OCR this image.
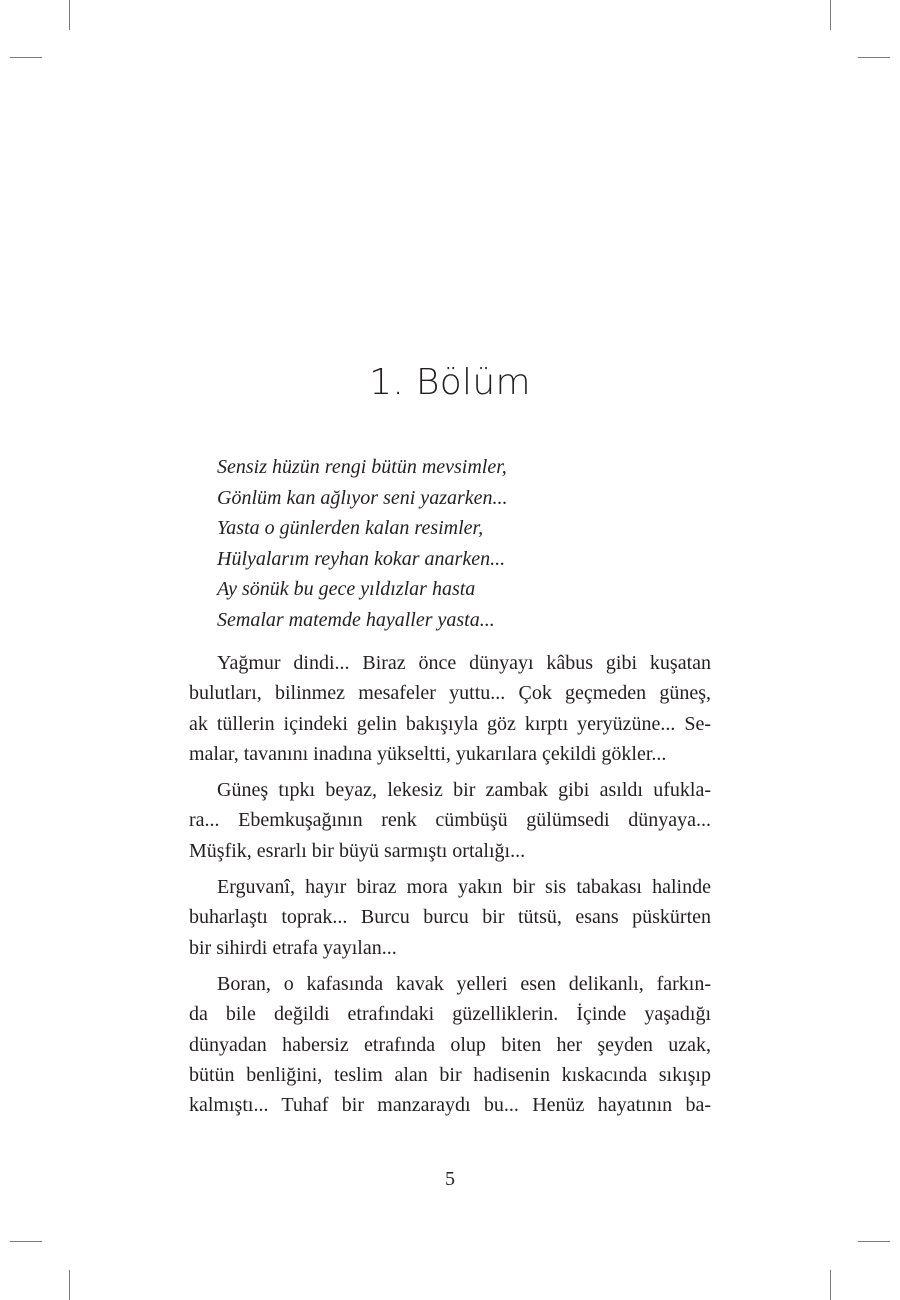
1. Bölüm
Sensiz hüzün rengi bütün mevsimler,
Gönlüm kan ağlıyor seni yazarken...
Yasta o günlerden kalan resimler,
Hülyalarım reyhan kokar anarken...
Ay sönük bu gece yıldızlar hasta
Semalar matemde hayaller yasta...

Yağmur dindi... Biraz önce dünyayı kâbus gibi kuşatan
bulutları, bilinmez mesafeler yuttu... Çok geçmeden güneş,
ak tüllerin içindeki gelin bakışıyla göz kırptı yeryüzüne... Se-
malar, tavanını inadına yükseltti, yukarılara çekildi gökler...

Güneş tıpkı beyaz, lekesiz bir zambak gibi asıldı ufukla-
ra... Ebemkuşağının renk cümbüşü gülümsedi dünyaya...
Müşfik, esrarlı bir büyü sarmıştı ortalığı...

Erguvanî, hayır biraz mora yakın bir sis tabakası halinde
buharlaştı toprak... Burcu burcu bir tütsü, esans püskürten
bir sihirdi etrafa yayılan...

Boran, o kafasında kavak yelleri esen delikanlı, farkın-
da bile değildi etrafındaki güzelliklerin. İçinde yaşadığı
dünyadan habersiz etrafında olup biten her şeyden uzak,
bütün benliğini, teslim alan bir hadisenin kıskacında sıkışıp
kalmıştı... Tuhaf bir manzaraydı bu... Henüz hayatının ba-

5
